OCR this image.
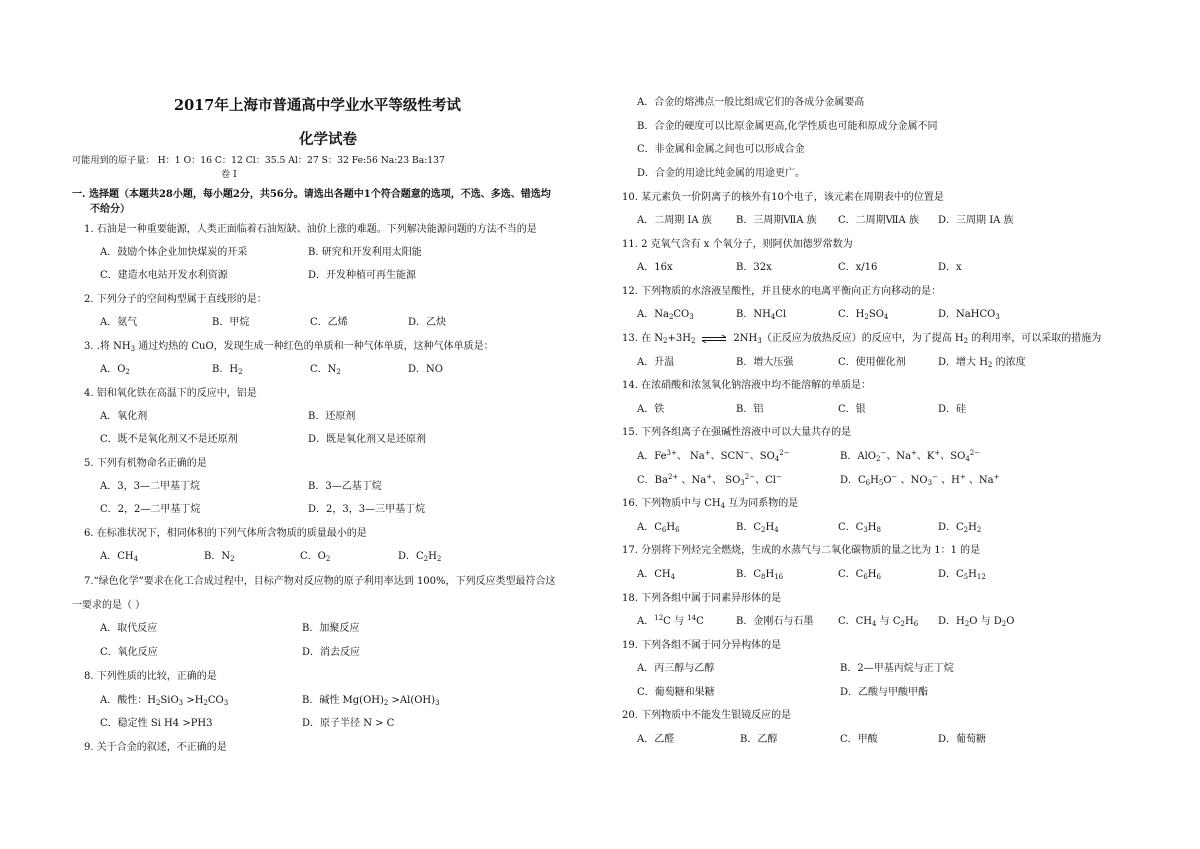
2017年上海市普通高中学业水平等级性考试
化学试卷
可能用到的原子量： H：1 O：16 C：12 Cl：35.5 Al：27 S：32 Fe:56 Na:23 Ba:137
卷 Ⅰ
一. 选择题（本题共28小题，每小题2分，共56分。请选出各题中1个符合题意的选项，不选、多选、错选均
不给分）
1. 石油是一种重要能源，人类正面临着石油短缺、油价上涨的难题。下列解决能源问题的方法不当的是
A．鼓励个体企业加快煤炭的开采	B. 研究和开发利用太阳能
C．建造水电站开发水利资源	D．开发种植可再生能源
2. 下列分子的空间构型属于直线形的是：
A．氨气	B．甲烷	C．乙烯	D．乙炔
3. .将 $NH_3$ 通过灼热的 CuO，发现生成一种红色的单质和一种气体单质，这种气体单质是：
A．$O_2$	B．$H_2$	C．$N_2$	D．NO
4. 铝和氧化铁在高温下的反应中，铝是
A．氧化剂	B．还原剂
C．既不是氧化剂又不是还原剂	D．既是氧化剂又是还原剂
5. 下列有机物命名正确的是
A．3，3—二甲基丁烷	B．3—乙基丁烷
C．2，2—二甲基丁烷	D．2，3，3—三甲基丁烷
6. 在标准状况下，相同体积的下列气体所含物质的质量最小的是
A．$CH_4$	B．$N_2$	C．$O_2$	D．$C_2H_2$
7.“绿色化学”要求在化工合成过程中，目标产物对反应物的原子利用率达到 100%，下列反应类型最符合这
一要求的是（ ）
A．取代反应	B．加聚反应
C．氧化反应	D．消去反应
8. 下列性质的比较，正确的是
A．酸性：$H_2SiO_3 >H_2CO_3$	B．碱性 $Mg(OH)_2 >Al(OH)_3$
C．稳定性 Si H4 >PH3	D．原子半径 N > C
9. 关于合金的叙述，不正确的是
A．合金的熔沸点一般比组成它们的各成分金属要高
B．合金的硬度可以比原金属更高,化学性质也可能和原成分金属不同
C．非金属和金属之间也可以形成合金
D．合金的用途比纯金属的用途更广。
10. 某元素负一价阴离子的核外有10个电子，该元素在周期表中的位置是
A．二周期 IA 族 B．三周期ⅦA 族 C．二周期ⅦA 族 D．三周期 IA 族
11. 2 克氧气含有 x 个氧分子，则阿伏加德罗常数为
A．16x	B．32x	C．x/16	D．x
12. 下列物质的水溶液呈酸性，并且使水的电离平衡向正方向移动的是：
A．$Na_2CO_3$	B．$NH_4Cl$	C．$H_2SO_4$	D．NaHCO$_3$
13. 在 $N_2+3H_2$ ⇌ $2NH_3$（正反应为放热反应）的反应中，为了提高 $H_2$ 的利用率，可以采取的措施为
A．升温	B．增大压强	C．使用催化剂	D．增大 $H_2$ 的浓度
14. 在浓硝酸和浓氢氧化钠溶液中均不能溶解的单质是：
A．铁	B．铝	C．银	D．硅
15. 下列各组离子在强碱性溶液中可以大量共存的是
A．$Fe^{3+}$、 Na+、SCN−、$SO_4^{2-}$	B．AlO$_2$−、Na+、K+、$SO_4^{2-}$
C．$Ba^{2+}$ 、Na+、 $SO_3^{2-}$、Cl−	D．$C_6H_5O^-$ 、$NO_3^-$ 、H+ 、Na+
16. 下列物质中与 $CH_4$ 互为同系物的是
A．$C_6H_6$	B．$C_2H_4$	C．$C_3H_8$	D．$C_2H_2$
17. 分别将下列烃完全燃烧，生成的水蒸气与二氧化碳物质的量之比为 1：1 的是
A．$CH_4$	B．$C_8H_{16}$	C．$C_6H_6$	D．$C_5H_{12}$
18. 下列各组中属于同素异形体的是
A．$^{12}$C 与 $^{14}$C	B．金刚石与石墨 C．$CH_4$ 与 $C_2H_6$ D．$H_2O$ 与 $D_2O$
19. 下列各组不属于同分异构体的是
A．丙三醇与乙醇	B．2—甲基丙烷与正丁烷
C．葡萄糖和果糖	D．乙酸与甲酸甲酯
20. 下列物质中不能发生银镜反应的是
A．乙醛	B．乙醇	C．甲酸	D．葡萄糖
